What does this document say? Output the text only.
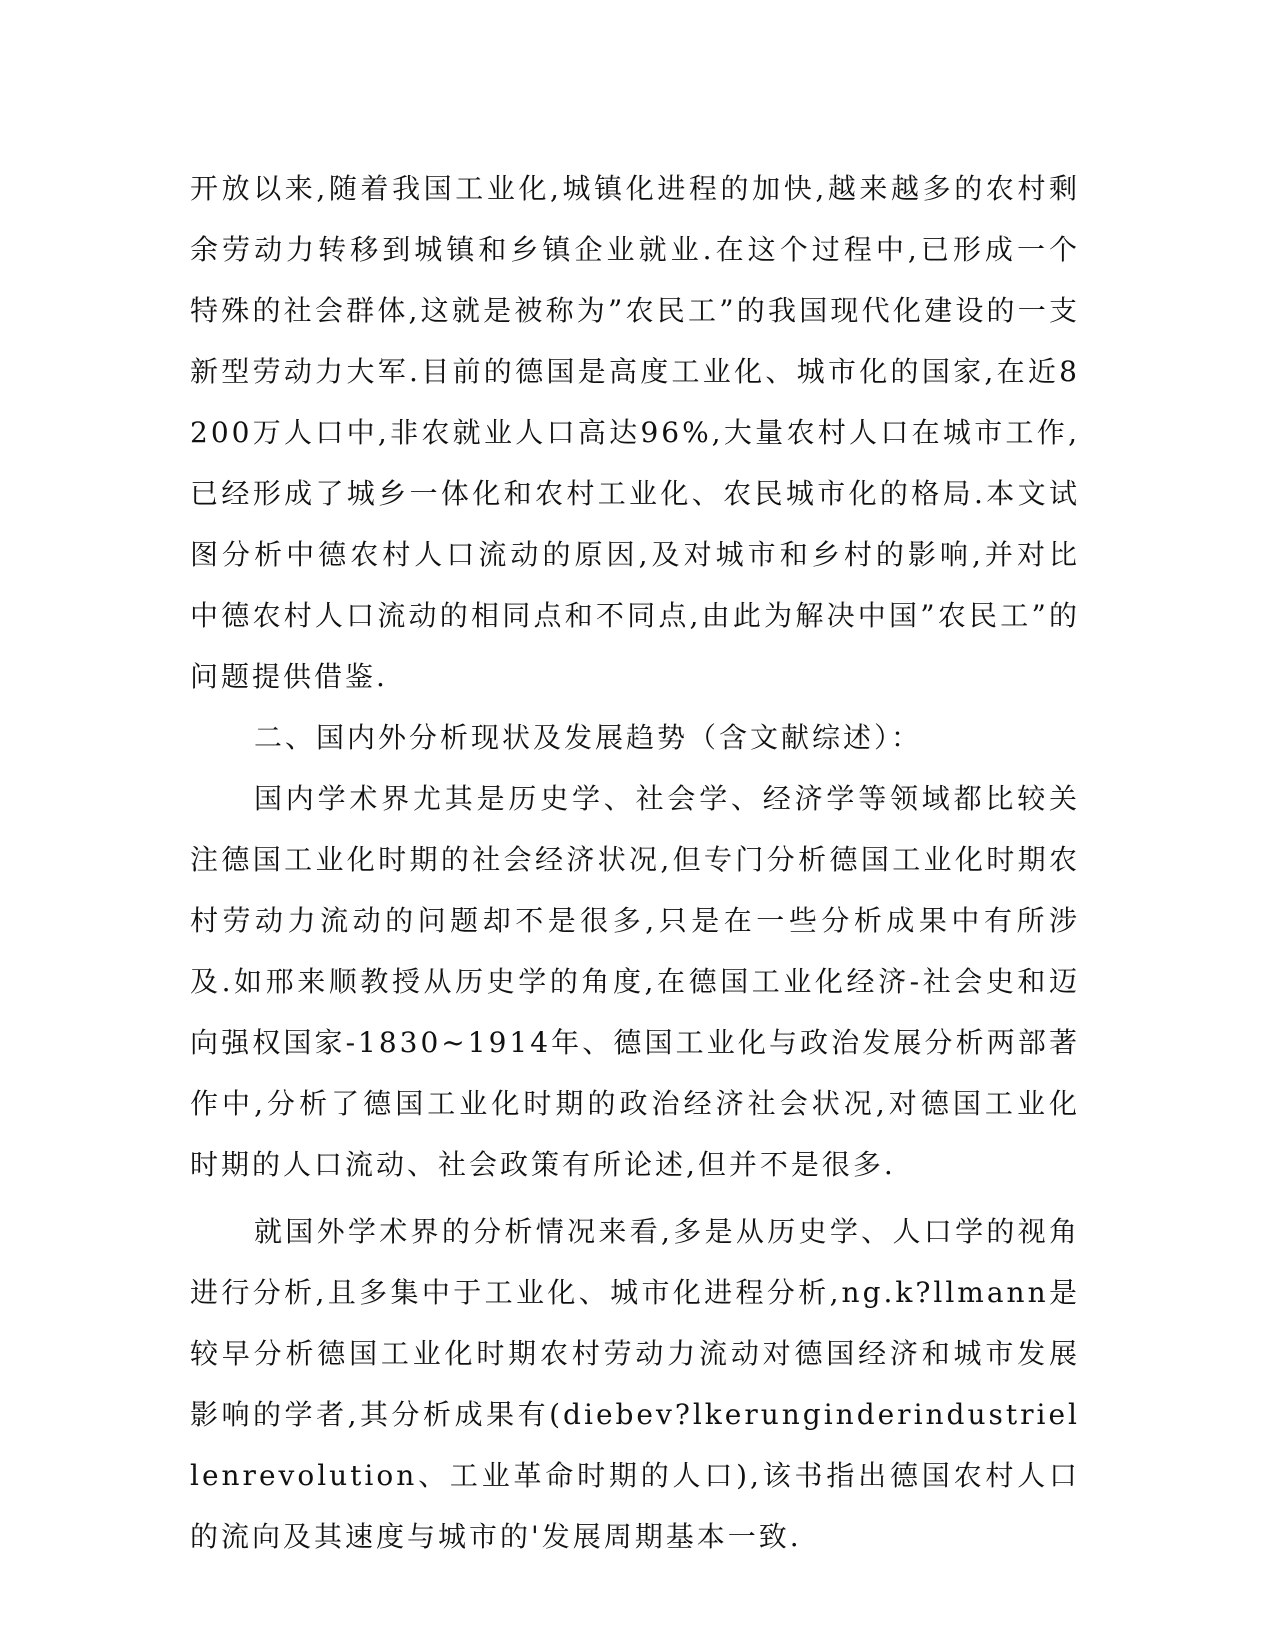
开放以来,随着我国工业化,城镇化进程的加快,越来越多的农村剩余劳动力转移到城镇和乡镇企业就业.在这个过程中,已形成一个特殊的社会群体,这就是被称为”农民工”的我国现代化建设的一支新型劳动力大军.目前的德国是高度工业化、城市化的国家,在近8200万人口中,非农就业人口高达96%,大量农村人口在城市工作,已经形成了城乡一体化和农村工业化、农民城市化的格局.本文试图分析中德农村人口流动的原因,及对城市和乡村的影响,并对比中德农村人口流动的相同点和不同点,由此为解决中国”农民工”的问题提供借鉴.

二、国内外分析现状及发展趋势（含文献综述）：

国内学术界尤其是历史学、社会学、经济学等领域都比较关注德国工业化时期的社会经济状况,但专门分析德国工业化时期农村劳动力流动的问题却不是很多,只是在一些分析成果中有所涉及.如邢来顺教授从历史学的角度,在德国工业化经济-社会史和迈向强权国家-1830~1914年、德国工业化与政治发展分析两部著作中,分析了德国工业化时期的政治经济社会状况,对德国工业化时期的人口流动、社会政策有所论述,但并不是很多.

就国外学术界的分析情况来看,多是从历史学、人口学的视角进行分析,且多集中于工业化、城市化进程分析,ng.k?llmann是较早分析德国工业化时期农村劳动力流动对德国经济和城市发展影响的学者,其分析成果有(diebev?lkerunginderindustriellenrevolution、工业革命时期的人口),该书指出德国农村人口的流向及其速度与城市的'发展周期基本一致.
